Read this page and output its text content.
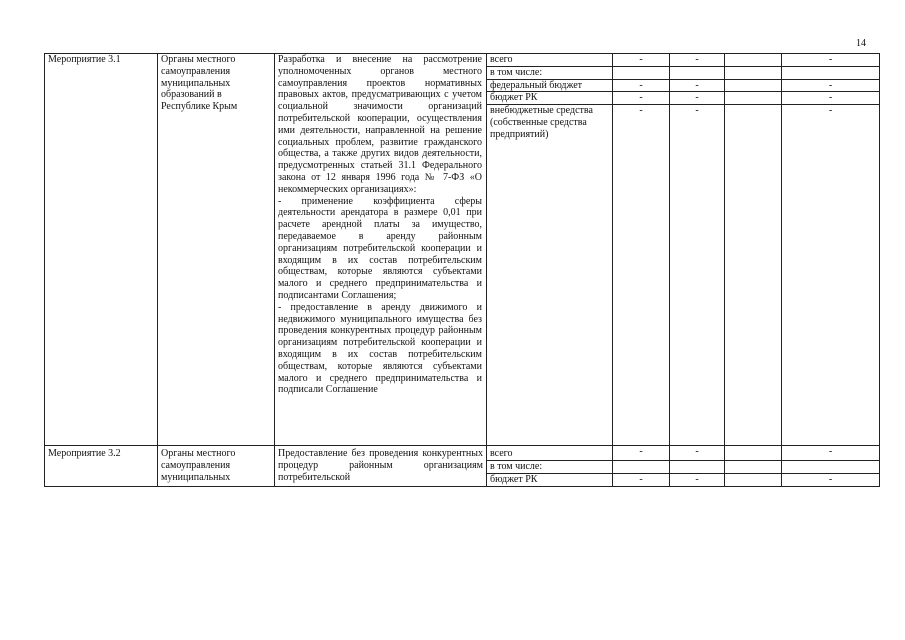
14
Мероприятие 3.1	Органы местного самоуправления муниципальных образований в Республике Крым	Разработка и внесение на рассмотрение уполномоченных органов местного самоуправления проектов нормативных правовых актов, предусматривающих с учетом социальной значимости организаций потребительской кооперации, осуществления ими деятельности, направленной на решение социальных проблем, развитие гражданского общества, а также других видов деятельности, предусмотренных статьей 31.1 Федерального закона от 12 января 1996 года № 7-ФЗ «О некоммерческих организациях»:
- применение коэффициента сферы деятельности арендатора в размере 0,01 при расчете арендной платы за имущество, передаваемое в аренду районным организациям потребительской кооперации и входящим в их состав потребительским обществам, которые являются субъектами малого и среднего предпринимательства и подписантами Соглашения;
- предоставление в аренду движимого и недвижимого муниципального имущества без проведения конкурентных процедур районным организациям потребительской кооперации и входящим в их состав потребительским обществам, которые являются субъектами малого и среднего предпринимательства и подписали Соглашение	всего	-	-		-
			в том числе:				
			федеральный бюджет	-	-		-
			бюджет РК	-	-		-
			внебюджетные средства (собственные средства предприятий)	-	-		-
Мероприятие 3.2	Органы местного самоуправления муниципальных	Предоставление без проведения конкурентных процедур районным организациям потребительской	всего	-	-		-
			в том числе:				
			бюджет РК	-	-		-
